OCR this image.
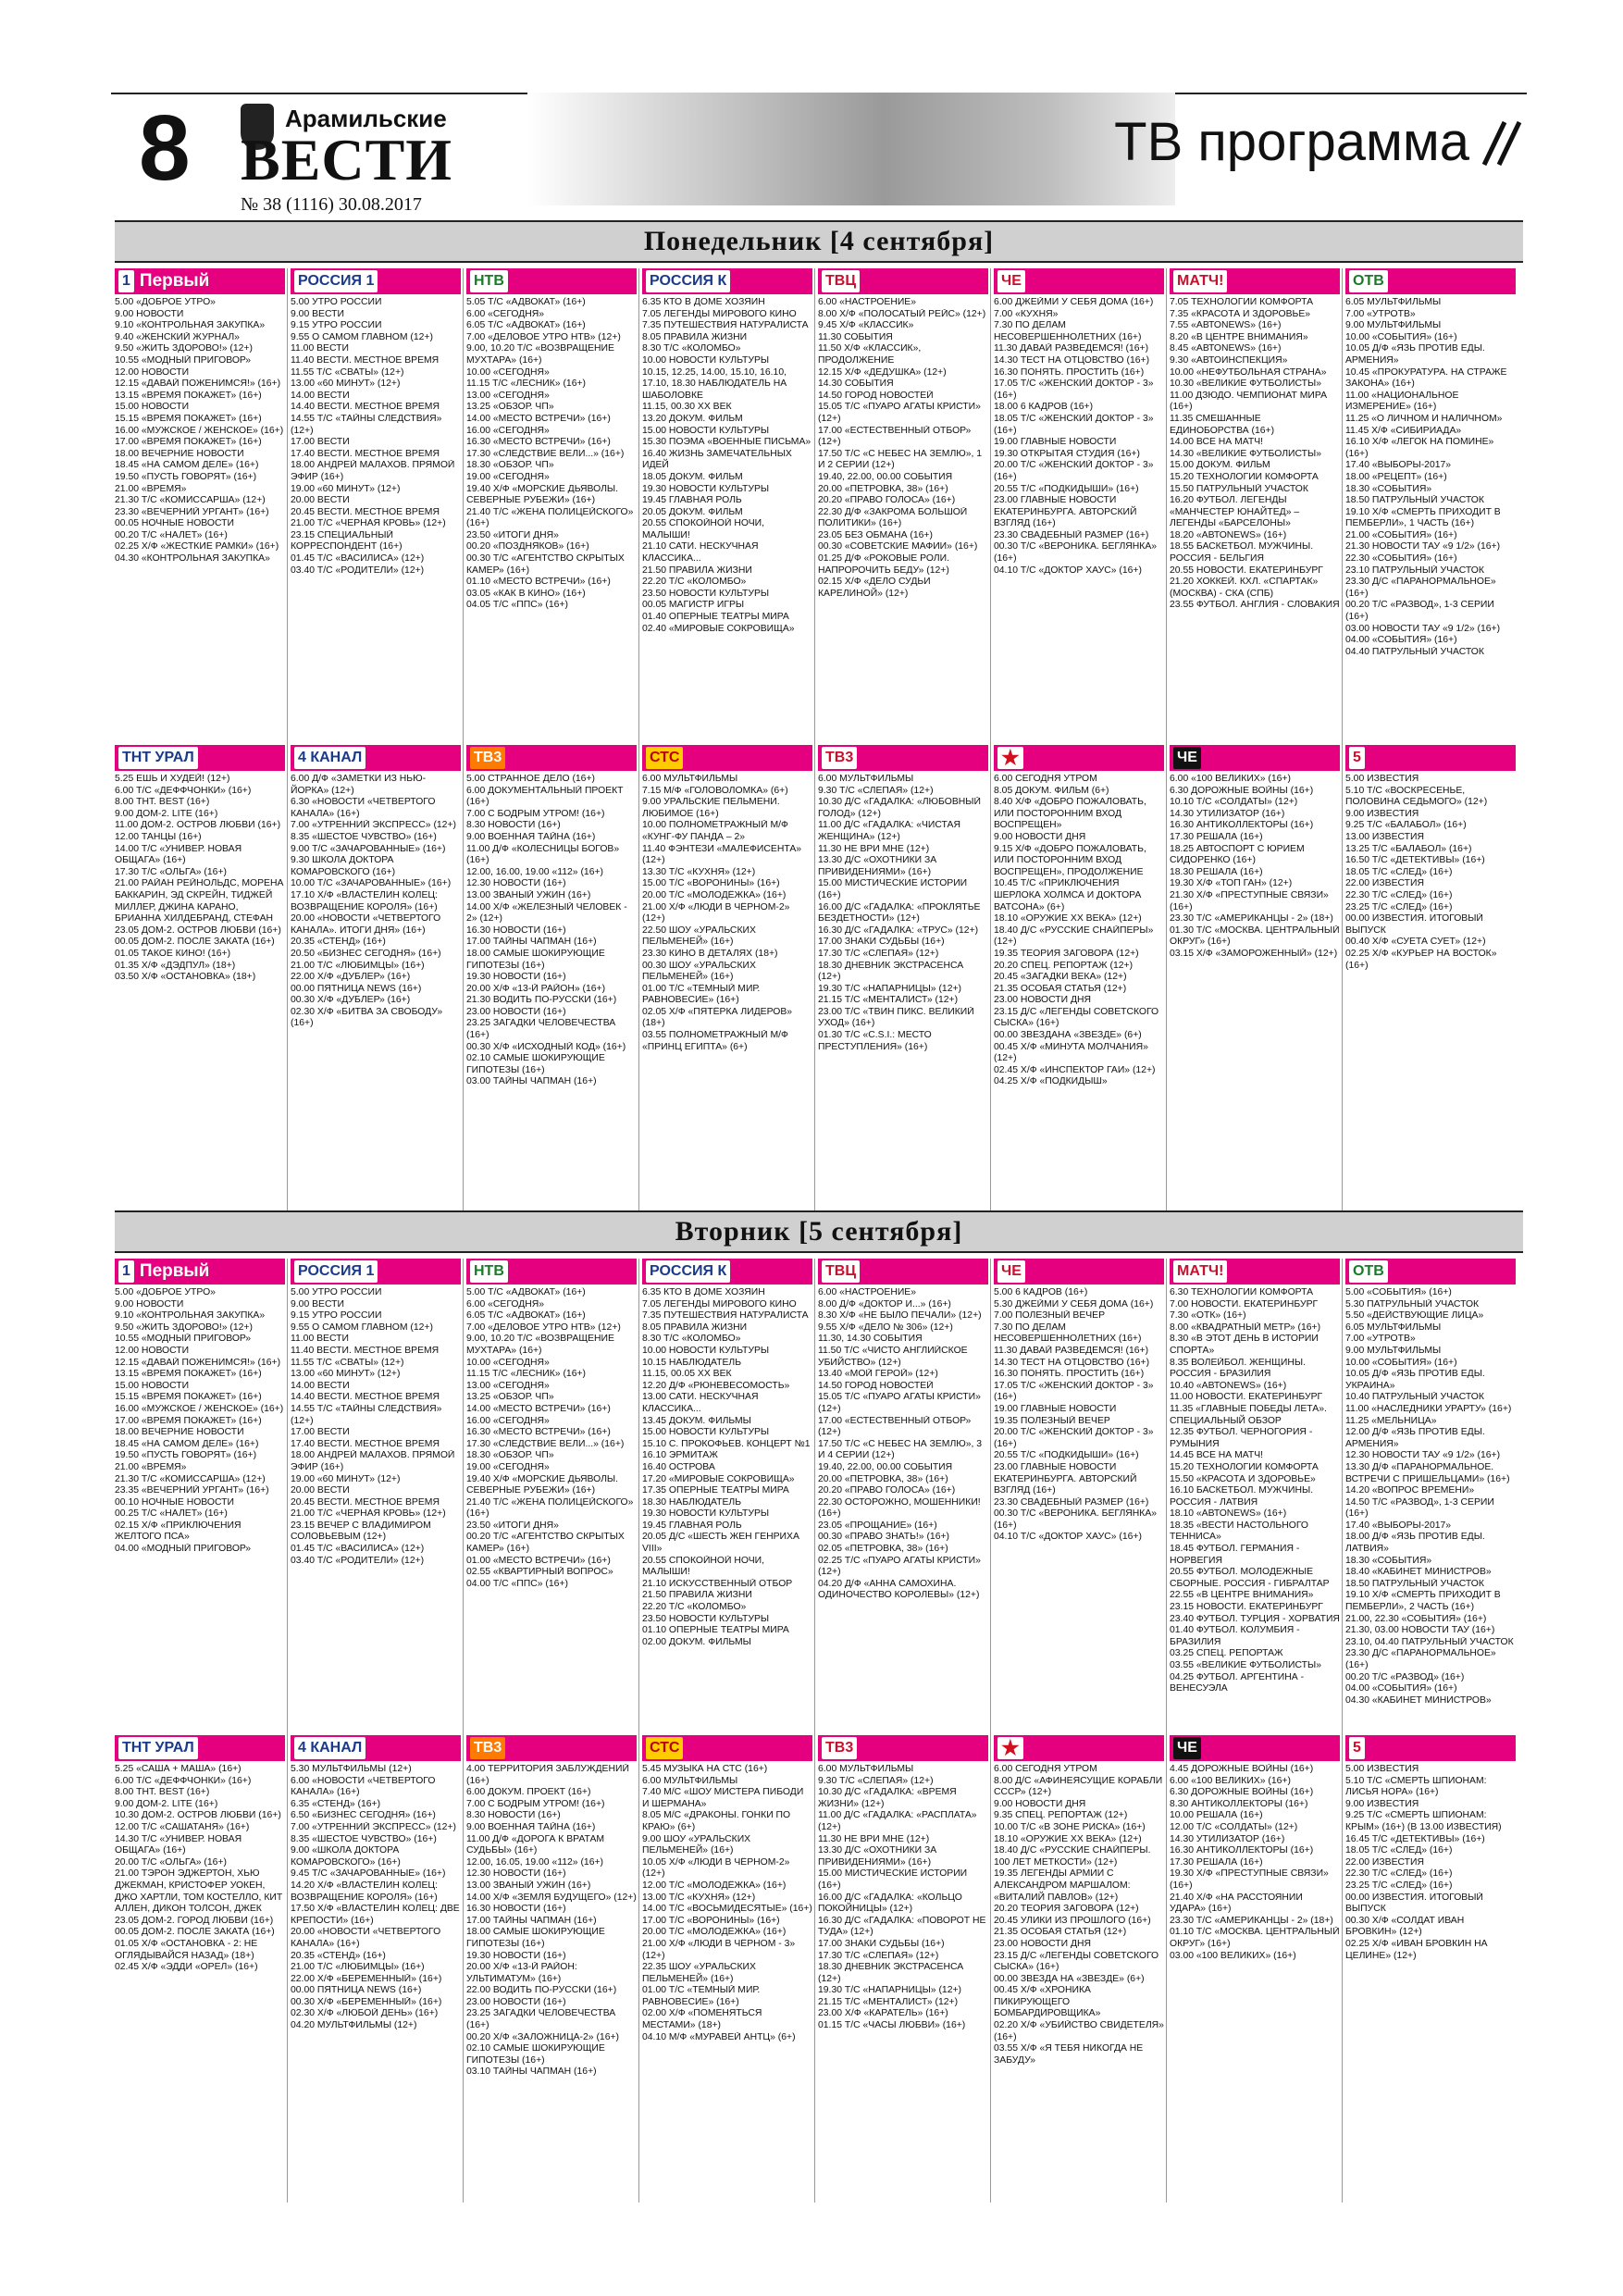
8	Арамильские
ВЕСТИ
№ 38 (1116) 30.08.2017
ТВ программа
Понедельник [4 сентября]
1 Первый
5.00 «ДОБРОЕ УТРО»
9.00 НОВОСТИ
9.10 «КОНТРОЛЬНАЯ ЗАКУПКА»
9.40 «ЖЕНСКИЙ ЖУРНАЛ»
9.50 «ЖИТЬ ЗДОРОВО!» (12+)
10.55 «МОДНЫЙ ПРИГОВОР»
12.00 НОВОСТИ
12.15 «ДАВАЙ ПОЖЕНИМСЯ!» (16+)
13.15 «ВРЕМЯ ПОКАЖЕТ» (16+)
15.00 НОВОСТИ
15.15 «ВРЕМЯ ПОКАЖЕТ» (16+)
16.00 «МУЖСКОЕ / ЖЕНСКОЕ» (16+)
17.00 «ВРЕМЯ ПОКАЖЕТ» (16+)
18.00 ВЕЧЕРНИЕ НОВОСТИ
18.45 «НА САМОМ ДЕЛЕ» (16+)
19.50 «ПУСТЬ ГОВОРЯТ» (16+)
21.00 «ВРЕМЯ»
21.30 Т/С «КОМИССАРША» (12+)
23.30 «ВЕЧЕРНИЙ УРГАНТ» (16+)
00.05 НОЧНЫЕ НОВОСТИ
00.20 Т/С «НАЛЕТ» (16+)
02.25 Х/Ф «ЖЕСТКИЕ РАМКИ» (16+)
04.30 «КОНТРОЛЬНАЯ ЗАКУПКА»
РОССИЯ 1
5.00 УТРО РОССИИ
9.00 ВЕСТИ
9.15 УТРО РОССИИ
9.55 О САМОМ ГЛАВНОМ (12+)
11.00 ВЕСТИ
11.40 ВЕСТИ. МЕСТНОЕ ВРЕМЯ
11.55 Т/С «СВАТЫ» (12+)
13.00 «60 МИНУТ» (12+)
14.00 ВЕСТИ
14.40 ВЕСТИ. МЕСТНОЕ ВРЕМЯ
14.55 Т/С «ТАЙНЫ СЛЕДСТВИЯ» (12+)
17.00 ВЕСТИ
17.40 ВЕСТИ. МЕСТНОЕ ВРЕМЯ
18.00 АНДРЕЙ МАЛАХОВ. ПРЯМОЙ ЭФИР (16+)
19.00 «60 МИНУТ» (12+)
20.00 ВЕСТИ
20.45 ВЕСТИ. МЕСТНОЕ ВРЕМЯ
21.00 Т/С «ЧЕРНАЯ КРОВЬ» (12+)
23.15 СПЕЦИАЛЬНЫЙ КОРРЕСПОНДЕНТ (16+)
01.45 Т/С «ВАСИЛИСА» (12+)
03.40 Т/С «РОДИТЕЛИ» (12+)
НТВ
5.05 Т/С «АДВОКАТ» (16+)
6.00 «СЕГОДНЯ»
6.05 Т/С «АДВОКАТ» (16+)
7.00 «ДЕЛОВОЕ УТРО НТВ» (12+)
9.00, 10.20 Т/С «ВОЗВРАЩЕНИЕ МУХТАРА» (16+)
10.00 «СЕГОДНЯ»
11.15 Т/С «ЛЕСНИК» (16+)
13.00 «СЕГОДНЯ»
13.25 «ОБЗОР. ЧП»
14.00 «МЕСТО ВСТРЕЧИ» (16+)
16.00 «СЕГОДНЯ»
16.30 «МЕСТО ВСТРЕЧИ» (16+)
17.30 «СЛЕДСТВИЕ ВЕЛИ...» (16+)
18.30 «ОБЗОР. ЧП»
19.00 «СЕГОДНЯ»
19.40 Х/Ф «МОРСКИЕ ДЬЯВОЛЫ. СЕВЕРНЫЕ РУБЕЖИ» (16+)
21.40 Т/С «ЖЕНА ПОЛИЦЕЙСКОГО» (16+)
23.50 «ИТОГИ ДНЯ»
00.20 «ПОЗДНЯКОВ» (16+)
00.30 Т/С «АГЕНТСТВО СКРЫТЫХ КАМЕР» (16+)
01.10 «МЕСТО ВСТРЕЧИ» (16+)
03.05 «КАК В КИНО» (16+)
04.05 Т/С «ППС» (16+)
РОССИЯ К
6.35 КТО В ДОМЕ ХОЗЯИН
7.05 ЛЕГЕНДЫ МИРОВОГО КИНО
7.35 ПУТЕШЕСТВИЯ НАТУРАЛИСТА
8.05 ПРАВИЛА ЖИЗНИ
8.30 Т/С «КОЛОМБО»
10.00 НОВОСТИ КУЛЬТУРЫ
10.15, 12.25, 14.00, 15.10, 16.10, 17.10, 18.30 НАБЛЮДАТЕЛЬ НА ШАБОЛОВКЕ
11.15, 00.30 ХХ ВЕК
13.20 ДОКУМ. ФИЛЬМ
15.00 НОВОСТИ КУЛЬТУРЫ
15.30 ПОЭМА «ВОЕННЫЕ ПИСЬМА»
16.40 ЖИЗНЬ ЗАМЕЧАТЕЛЬНЫХ ИДЕЙ
18.05 ДОКУМ. ФИЛЬМ
19.30 НОВОСТИ КУЛЬТУРЫ
19.45 ГЛАВНАЯ РОЛЬ
20.05 ДОКУМ. ФИЛЬМ
20.55 СПОКОЙНОЙ НОЧИ, МАЛЫШИ!
21.10 САТИ. НЕСКУЧНАЯ КЛАССИКА...
21.50 ПРАВИЛА ЖИЗНИ
22.20 Т/С «КОЛОМБО»
23.50 НОВОСТИ КУЛЬТУРЫ
00.05 МАГИСТР ИГРЫ
01.40 ОПЕРНЫЕ ТЕАТРЫ МИРА
02.40 «МИРОВЫЕ СОКРОВИЩА»
ТВЦ
6.00 «НАСТРОЕНИЕ»
8.00 Х/Ф «ПОЛОСАТЫЙ РЕЙС» (12+)
9.45 Х/Ф «КЛАССИК»
11.30 СОБЫТИЯ
11.50 Х/Ф «КЛАССИК», ПРОДОЛЖЕНИЕ
12.15 Х/Ф «ДЕДУШКА» (12+)
14.30 СОБЫТИЯ
14.50 ГОРОД НОВОСТЕЙ
15.05 Т/С «ПУАРО АГАТЫ КРИСТИ» (12+)
17.00 «ЕСТЕСТВЕННЫЙ ОТБОР» (12+)
17.50 Т/С «С НЕБЕС НА ЗЕМЛЮ», 1 И 2 СЕРИИ (12+)
19.40, 22.00, 00.00 СОБЫТИЯ
20.00 «ПЕТРОВКА, 38» (16+)
20.20 «ПРАВО ГОЛОСА» (16+)
22.30 Д/Ф «ЗАКРОМА БОЛЬШОЙ ПОЛИТИКИ» (16+)
23.05 БЕЗ ОБМАНА (16+)
00.30 «СОВЕТСКИЕ МАФИИ» (16+)
01.25 Д/Ф «РОКОВЫЕ РОЛИ. НАПРОРОЧИТЬ БЕДУ» (12+)
02.15 Х/Ф «ДЕЛО СУДЬИ КАРЕЛИНОЙ» (12+)
ЧЕ
6.00 ДЖЕЙМИ У СЕБЯ ДОМА (16+)
7.00 «КУХНЯ»
7.30 ПО ДЕЛАМ НЕСОВЕРШЕННОЛЕТНИХ (16+)
11.30 ДАВАЙ РАЗВЕДЕМСЯ! (16+)
14.30 ТЕСТ НА ОТЦОВСТВО (16+)
16.30 ПОНЯТЬ. ПРОСТИТЬ (16+)
17.05 Т/С «ЖЕНСКИЙ ДОКТОР - 3» (16+)
18.00 6 КАДРОВ (16+)
18.05 Т/С «ЖЕНСКИЙ ДОКТОР - 3» (16+)
19.00 ГЛАВНЫЕ НОВОСТИ
19.30 ОТКРЫТАЯ СТУДИЯ (16+)
20.00 Т/С «ЖЕНСКИЙ ДОКТОР - 3» (16+)
20.55 Т/С «ПОДКИДЫШИ» (16+)
23.00 ГЛАВНЫЕ НОВОСТИ ЕКАТЕРИНБУРГА. АВТОРСКИЙ ВЗГЛЯД (16+)
23.30 СВАДЕБНЫЙ РАЗМЕР (16+)
00.30 Т/С «ВЕРОНИКА. БЕГЛЯНКА» (16+)
04.10 Т/С «ДОКТОР ХАУС» (16+)
МАТЧ!
7.05 ТЕХНОЛОГИИ КОМФОРТА
7.35 «КРАСОТА И ЗДОРОВЬЕ»
7.55 «АВТОNEWS» (16+)
8.20 «В ЦЕНТРЕ ВНИМАНИЯ»
8.45 «АВТОNEWS» (16+)
9.30 «АВТОИНСПЕКЦИЯ»
10.00 «НЕФУТБОЛЬНАЯ СТРАНА»
10.30 «ВЕЛИКИЕ ФУТБОЛИСТЫ»
11.00 ДЗЮДО. ЧЕМПИОНАТ МИРА (16+)
11.35 СМЕШАННЫЕ ЕДИНОБОРСТВА (16+)
14.00 ВСЕ НА МАТЧ!
14.30 «ВЕЛИКИЕ ФУТБОЛИСТЫ»
15.00 ДОКУМ. ФИЛЬМ
15.20 ТЕХНОЛОГИИ КОМФОРТА
15.50 ПАТРУЛЬНЫЙ УЧАСТОК
16.20 ФУТБОЛ. ЛЕГЕНДЫ «МАНЧЕСТЕР ЮНАЙТЕД» – ЛЕГЕНДЫ «БАРСЕЛОНЫ»
18.20 «АВТОNEWS» (16+)
18.55 БАСКЕТБОЛ. МУЖЧИНЫ. РОССИЯ - БЕЛЬГИЯ
20.55 НОВОСТИ. ЕКАТЕРИНБУРГ
21.20 ХОККЕЙ. КХЛ. «СПАРТАК» (МОСКВА) - СКА (СПБ)
23.55 ФУТБОЛ. АНГЛИЯ - СЛОВАКИЯ
ОТВ
6.05 МУЛЬТФИЛЬМЫ
7.00 «УТРОТВ»
9.00 МУЛЬТФИЛЬМЫ
10.00 «СОБЫТИЯ» (16+)
10.05 Д/Ф «ЯЗЬ ПРОТИВ ЕДЫ. АРМЕНИЯ»
10.45 «ПРОКУРАТУРА. НА СТРАЖЕ ЗАКОНА» (16+)
11.00 «НАЦИОНАЛЬНОЕ ИЗМЕРЕНИЕ» (16+)
11.25 «О ЛИЧНОМ И НАЛИЧНОМ»
11.45 Х/Ф «СИБИРИАДА»
16.10 Х/Ф «ЛЕГОК НА ПОМИНЕ» (16+)
17.40 «ВЫБОРЫ-2017»
18.00 «РЕЦЕПТ» (16+)
18.30 «СОБЫТИЯ»
18.50 ПАТРУЛЬНЫЙ УЧАСТОК
19.10 Х/Ф «СМЕРТЬ ПРИХОДИТ В ПЕМБЕРЛИ», 1 ЧАСТЬ (16+)
21.00 «СОБЫТИЯ» (16+)
21.30 НОВОСТИ ТАУ «9 1/2» (16+)
22.30 «СОБЫТИЯ» (16+)
23.10 ПАТРУЛЬНЫЙ УЧАСТОК
23.30 Д/С «ПАРАНОРМАЛЬНОЕ» (16+)
00.20 Т/С «РАЗВОД», 1-3 СЕРИИ (16+)
03.00 НОВОСТИ ТАУ «9 1/2» (16+)
04.00 «СОБЫТИЯ» (16+)
04.40 ПАТРУЛЬНЫЙ УЧАСТОК
ТНТ УРАЛ
5.25 ЕШЬ И ХУДЕЙ! (12+)
6.00 Т/С «ДЕФФЧОНКИ» (16+)
8.00 ТНТ. BEST (16+)
9.00 ДОМ-2. LITE (16+)
11.00 ДОМ-2. ОСТРОВ ЛЮБВИ (16+)
12.00 ТАНЦЫ (16+)
14.00 Т/С «УНИВЕР. НОВАЯ ОБЩАГА» (16+)
17.30 Т/С «ОЛЬГА» (16+)
21.00 РАЙАН РЕЙНОЛЬДС, МОРЕНА БАККАРИН, ЭД СКРЕЙН, ТИДЖЕЙ МИЛЛЕР, ДЖИНА КАРАНО, БРИАННА ХИЛДЕБРАНД, СТЕФАН
23.05 ДОМ-2. ОСТРОВ ЛЮБВИ (16+)
00.05 ДОМ-2. ПОСЛЕ ЗАКАТА (16+)
01.05 ТАКОЕ КИНО! (16+)
01.35 Х/Ф «ДЭДПУЛ» (18+)
03.50 Х/Ф «ОСТАНОВКА» (18+)
4 КАНАЛ
6.00 Д/Ф «ЗАМЕТКИ ИЗ НЬЮ-ЙОРКА» (12+)
6.30 «НОВОСТИ «ЧЕТВЕРТОГО КАНАЛА» (16+)
7.00 «УТРЕННИЙ ЭКСПРЕСС» (12+)
8.35 «ШЕСТОЕ ЧУВСТВО» (16+)
9.00 Т/С «ЗАЧАРОВАННЫЕ» (16+)
9.30 ШКОЛА ДОКТОРА КОМАРОВСКОГО (16+)
10.00 Т/С «ЗАЧАРОВАННЫЕ» (16+)
17.10 Х/Ф «ВЛАСТЕЛИН КОЛЕЦ: ВОЗВРАЩЕНИЕ КОРОЛЯ» (16+)
20.00 «НОВОСТИ «ЧЕТВЕРТОГО КАНАЛА». ИТОГИ ДНЯ» (16+)
20.35 «СТЕНД» (16+)
20.50 «БИЗНЕС СЕГОДНЯ» (16+)
21.00 Т/С «ЛЮБИМЦЫ» (16+)
22.00 Х/Ф «ДУБЛЕР» (16+)
00.00 ПЯТНИЦА NEWS (16+)
00.30 Х/Ф «ДУБЛЕР» (16+)
02.30 Х/Ф «БИТВА ЗА СВОБОДУ» (16+)
ТВ3
5.00 СТРАННОЕ ДЕЛО (16+)
6.00 ДОКУМЕНТАЛЬНЫЙ ПРОЕКТ (16+)
7.00 С БОДРЫМ УТРОМ! (16+)
8.30 НОВОСТИ (16+)
9.00 ВОЕННАЯ ТАЙНА (16+)
11.00 Д/Ф «КОЛЕСНИЦЫ БОГОВ» (16+)
12.00, 16.00, 19.00 «112» (16+)
12.30 НОВОСТИ (16+)
13.00 ЗВАНЫЙ УЖИН (16+)
14.00 Х/Ф «ЖЕЛЕЗНЫЙ ЧЕЛОВЕК - 2» (12+)
16.30 НОВОСТИ (16+)
17.00 ТАЙНЫ ЧАПМАН (16+)
18.00 САМЫЕ ШОКИРУЮЩИЕ ГИПОТЕЗЫ (16+)
19.30 НОВОСТИ (16+)
20.00 Х/Ф «13-Й РАЙОН» (16+)
21.30 ВОДИТЬ ПО-РУССКИ (16+)
23.00 НОВОСТИ (16+)
23.25 ЗАГАДКИ ЧЕЛОВЕЧЕСТВА (16+)
00.30 Х/Ф «ИСХОДНЫЙ КОД» (16+)
02.10 САМЫЕ ШОКИРУЮЩИЕ ГИПОТЕЗЫ (16+)
03.00 ТАЙНЫ ЧАПМАН (16+)
СТС
6.00 МУЛЬТФИЛЬМЫ
7.15 М/Ф «ГОЛОВОЛОМКА» (6+)
9.00 УРАЛЬСКИЕ ПЕЛЬМЕНИ. ЛЮБИМОЕ (16+)
10.00 ПОЛНОМЕТРАЖНЫЙ М/Ф «КУНГ-ФУ ПАНДА – 2»
11.40 ФЭНТЕЗИ «МАЛЕФИСЕНТА» (12+)
13.30 Т/С «КУХНЯ» (12+)
15.00 Т/С «ВОРОНИНЫ» (16+)
20.00 Т/С «МОЛОДЁЖКА» (16+)
21.00 Х/Ф «ЛЮДИ В ЧЁРНОМ-2» (12+)
22.50 ШОУ «УРАЛЬСКИХ ПЕЛЬМЕНЕЙ» (16+)
23.30 КИНО В ДЕТАЛЯХ (18+)
00.30 ШОУ «УРАЛЬСКИХ ПЕЛЬМЕНЕЙ» (16+)
01.00 Т/С «ТЁМНЫЙ МИР. РАВНОВЕСИЕ» (16+)
02.05 Х/Ф «ПЯТЁРКА ЛИДЕРОВ» (18+)
03.55 ПОЛНОМЕТРАЖНЫЙ М/Ф «ПРИНЦ ЕГИПТА» (6+)
ТВ3
6.00 МУЛЬТФИЛЬМЫ
9.30 Т/С «СЛЕПАЯ» (12+)
10.30 Д/С «ГАДАЛКА: «ЛЮБОВНЫЙ ГОЛОД» (12+)
11.00 Д/С «ГАДАЛКА: «ЧИСТАЯ ЖЕНЩИНА» (12+)
11.30 НЕ ВРИ МНЕ (12+)
13.30 Д/С «ОХОТНИКИ ЗА ПРИВИДЕНИЯМИ» (16+)
15.00 МИСТИЧЕСКИЕ ИСТОРИИ (16+)
16.00 Д/С «ГАДАЛКА: «ПРОКЛЯТЬЕ БЕЗДЕТНОСТИ» (12+)
16.30 Д/С «ГАДАЛКА: «ТРУС» (12+)
17.00 ЗНАКИ СУДЬБЫ (16+)
17.30 Т/С «СЛЕПАЯ» (12+)
18.30 ДНЕВНИК ЭКСТРАСЕНСА (12+)
19.30 Т/С «НАПАРНИЦЫ» (12+)
21.15 Т/С «МЕНТАЛИСТ» (12+)
23.00 Т/С «ТВИН ПИКС. ВЕЛИКИЙ УХОД» (16+)
01.30 Т/С «C.S.I.: МЕСТО ПРЕСТУПЛЕНИЯ» (16+)
★
6.00 СЕГОДНЯ УТРОМ
8.05 ДОКУМ. ФИЛЬМ (6+)
8.40 Х/Ф «ДОБРО ПОЖАЛОВАТЬ, ИЛИ ПОСТОРОННИМ ВХОД ВОСПРЕЩЕН»
9.00 НОВОСТИ ДНЯ
9.15 Х/Ф «ДОБРО ПОЖАЛОВАТЬ, ИЛИ ПОСТОРОННИМ ВХОД ВОСПРЕЩЕН», ПРОДОЛЖЕНИЕ
10.45 Т/С «ПРИКЛЮЧЕНИЯ ШЕРЛОКА ХОЛМСА И ДОКТОРА ВАТСОНА» (6+)
18.10 «ОРУЖИЕ XX ВЕКА» (12+)
18.40 Д/С «РУССКИЕ СНАЙПЕРЫ» (12+)
19.35 ТЕОРИЯ ЗАГОВОРА (12+)
20.20 СПЕЦ. РЕПОРТАЖ (12+)
20.45 «ЗАГАДКИ ВЕКА» (12+)
21.35 ОСОБАЯ СТАТЬЯ (12+)
23.00 НОВОСТИ ДНЯ
23.15 Д/С «ЛЕГЕНДЫ СОВЕТСКОГО СЫСКА» (16+)
00.00 ЗВЕЗДАНА «ЗВЕЗДЕ» (6+)
00.45 Х/Ф «МИНУТА МОЛЧАНИЯ» (12+)
02.45 Х/Ф «ИНСПЕКТОР ГАИ» (12+)
04.25 Х/Ф «ПОДКИДЫШ»
ЧЕ
6.00 «100 ВЕЛИКИХ» (16+)
6.30 ДОРОЖНЫЕ ВОЙНЫ (16+)
10.10 Т/С «СОЛДАТЫ» (12+)
14.30 УТИЛИЗАТОР (16+)
16.30 АНТИКОЛЛЕКТОРЫ (16+)
17.30 РЕШАЛА (16+)
18.25 АВТОСПОРТ С ЮРИЕМ СИДОРЕНКО (16+)
18.30 РЕШАЛА (16+)
19.30 Х/Ф «ТОП ГАН» (12+)
21.30 Х/Ф «ПРЕСТУПНЫЕ СВЯЗИ» (16+)
23.30 Т/С «АМЕРИКАНЦЫ - 2» (18+)
01.30 Т/С «МОСКВА. ЦЕНТРАЛЬНЫЙ ОКРУГ» (16+)
03.15 Х/Ф «ЗАМОРОЖЕННЫЙ» (12+)
5
5.00 ИЗВЕСТИЯ
5.10 Т/С «ВОСКРЕСЕНЬЕ, ПОЛОВИНА СЕДЬМОГО» (12+)
9.00 ИЗВЕСТИЯ
9.25 Т/С «БАЛАБОЛ» (16+)
13.00 ИЗВЕСТИЯ
13.25 Т/С «БАЛАБОЛ» (16+)
16.50 Т/С «ДЕТЕКТИВЫ» (16+)
18.05 Т/С «СЛЕД» (16+)
22.00 ИЗВЕСТИЯ
22.30 Т/С «СЛЕД» (16+)
23.25 Т/С «СЛЕД» (16+)
00.00 ИЗВЕСТИЯ. ИТОГОВЫЙ ВЫПУСК
00.40 Х/Ф «СУЕТА СУЕТ» (12+)
02.25 Х/Ф «КУРЬЕР НА ВОСТОК» (16+)
Вторник [5 сентября]
1 Первый
5.00 «ДОБРОЕ УТРО»
9.00 НОВОСТИ
9.10 «КОНТРОЛЬНАЯ ЗАКУПКА»
9.50 «ЖИТЬ ЗДОРОВО!» (12+)
10.55 «МОДНЫЙ ПРИГОВОР»
12.00 НОВОСТИ
12.15 «ДАВАЙ ПОЖЕНИМСЯ!» (16+)
13.15 «ВРЕМЯ ПОКАЖЕТ» (16+)
15.00 НОВОСТИ
15.15 «ВРЕМЯ ПОКАЖЕТ» (16+)
16.00 «МУЖСКОЕ / ЖЕНСКОЕ» (16+)
17.00 «ВРЕМЯ ПОКАЖЕТ» (16+)
18.00 ВЕЧЕРНИЕ НОВОСТИ
18.45 «НА САМОМ ДЕЛЕ» (16+)
19.50 «ПУСТЬ ГОВОРЯТ» (16+)
21.00 «ВРЕМЯ»
21.30 Т/С «КОМИССАРША» (12+)
23.35 «ВЕЧЕРНИЙ УРГАНТ» (16+)
00.10 НОЧНЫЕ НОВОСТИ
00.25 Т/С «НАЛЕТ» (16+)
02.15 Х/Ф «ПРИКЛЮЧЕНИЯ ЖЕЛТОГО ПСА»
04.00 «МОДНЫЙ ПРИГОВОР»
РОССИЯ 1
5.00 УТРО РОССИИ
9.00 ВЕСТИ
9.15 УТРО РОССИИ
9.55 О САМОМ ГЛАВНОМ (12+)
11.00 ВЕСТИ
11.40 ВЕСТИ. МЕСТНОЕ ВРЕМЯ
11.55 Т/С «СВАТЫ» (12+)
13.00 «60 МИНУТ» (12+)
14.00 ВЕСТИ
14.40 ВЕСТИ. МЕСТНОЕ ВРЕМЯ
14.55 Т/С «ТАЙНЫ СЛЕДСТВИЯ» (12+)
17.00 ВЕСТИ
17.40 ВЕСТИ. МЕСТНОЕ ВРЕМЯ
18.00 АНДРЕЙ МАЛАХОВ. ПРЯМОЙ ЭФИР (16+)
19.00 «60 МИНУТ» (12+)
20.00 ВЕСТИ
20.45 ВЕСТИ. МЕСТНОЕ ВРЕМЯ
21.00 Т/С «ЧЕРНАЯ КРОВЬ» (12+)
23.15 ВЕЧЕР С ВЛАДИМИРОМ СОЛОВЬЕВЫМ (12+)
01.45 Т/С «ВАСИЛИСА» (12+)
03.40 Т/С «РОДИТЕЛИ» (12+)
НТВ
5.00 Т/С «АДВОКАТ» (16+)
6.00 «СЕГОДНЯ»
6.05 Т/С «АДВОКАТ» (16+)
7.00 «ДЕЛОВОЕ УТРО НТВ» (12+)
9.00, 10.20 Т/С «ВОЗВРАЩЕНИЕ МУХТАРА» (16+)
10.00 «СЕГОДНЯ»
11.15 Т/С «ЛЕСНИК» (16+)
13.00 «СЕГОДНЯ»
13.25 «ОБЗОР. ЧП»
14.00 «МЕСТО ВСТРЕЧИ» (16+)
16.00 «СЕГОДНЯ»
16.30 «МЕСТО ВСТРЕЧИ» (16+)
17.30 «СЛЕДСТВИЕ ВЕЛИ...» (16+)
18.30 «ОБЗОР. ЧП»
19.00 «СЕГОДНЯ»
19.40 Х/Ф «МОРСКИЕ ДЬЯВОЛЫ. СЕВЕРНЫЕ РУБЕЖИ» (16+)
21.40 Т/С «ЖЕНА ПОЛИЦЕЙСКОГО» (16+)
23.50 «ИТОГИ ДНЯ»
00.20 Т/С «АГЕНТСТВО СКРЫТЫХ КАМЕР» (16+)
01.00 «МЕСТО ВСТРЕЧИ» (16+)
02.55 «КВАРТИРНЫЙ ВОПРОС»
04.00 Т/С «ППС» (16+)
РОССИЯ К
6.35 КТО В ДОМЕ ХОЗЯИН
7.05 ЛЕГЕНДЫ МИРОВОГО КИНО
7.35 ПУТЕШЕСТВИЯ НАТУРАЛИСТА
8.05 ПРАВИЛА ЖИЗНИ
8.30 Т/С «КОЛОМБО»
10.00 НОВОСТИ КУЛЬТУРЫ
10.15 НАБЛЮДАТЕЛЬ
11.15, 00.05 ХХ ВЕК
12.20 Д/Ф «РЮНЕВЕСОМОСТЬ»
13.00 САТИ. НЕСКУЧНАЯ КЛАССИКА...
13.45 ДОКУМ. ФИЛЬМЫ
15.00 НОВОСТИ КУЛЬТУРЫ
15.10 С. ПРОКОФЬЕВ. КОНЦЕРТ №1
16.10 ЭРМИТАЖ
16.40 ОСТРОВА
17.20 «МИРОВЫЕ СОКРОВИЩА»
17.35 ОПЕРНЫЕ ТЕАТРЫ МИРА
18.30 НАБЛЮДАТЕЛЬ
19.30 НОВОСТИ КУЛЬТУРЫ
19.45 ГЛАВНАЯ РОЛЬ
20.05 Д/С «ШЕСТЬ ЖЕН ГЕНРИХА VIII»
20.55 СПОКОЙНОЙ НОЧИ, МАЛЫШИ!
21.10 ИСКУССТВЕННЫЙ ОТБОР
21.50 ПРАВИЛА ЖИЗНИ
22.20 Т/С «КОЛОМБО»
23.50 НОВОСТИ КУЛЬТУРЫ
01.10 ОПЕРНЫЕ ТЕАТРЫ МИРА
02.00 ДОКУМ. ФИЛЬМЫ
ТВЦ
6.00 «НАСТРОЕНИЕ»
8.00 Д/Ф «ДОКТОР И...» (16+)
8.30 Х/Ф «НЕ БЫЛО ПЕЧАЛИ» (12+)
9.55 Х/Ф «ДЕЛО № 306» (12+)
11.30, 14.30 СОБЫТИЯ
11.50 Т/С «ЧИСТО АНГЛИЙСКОЕ УБИЙСТВО» (12+)
13.40 «МОЙ ГЕРОЙ» (12+)
14.50 ГОРОД НОВОСТЕЙ
15.05 Т/С «ПУАРО АГАТЫ КРИСТИ» (12+)
17.00 «ЕСТЕСТВЕННЫЙ ОТБОР» (12+)
17.50 Т/С «С НЕБЕС НА ЗЕМЛЮ», 3 И 4 СЕРИИ (12+)
19.40, 22.00, 00.00 СОБЫТИЯ
20.00 «ПЕТРОВКА, 38» (16+)
20.20 «ПРАВО ГОЛОСА» (16+)
22.30 ОСТОРОЖНО, МОШЕННИКИ! (16+)
23.05 «ПРОЩАНИЕ» (16+)
00.30 «ПРАВО ЗНАТЬ!» (16+)
02.05 «ПЕТРОВКА, 38» (16+)
02.25 Т/С «ПУАРО АГАТЫ КРИСТИ» (12+)
04.20 Д/Ф «АННА САМОХИНА. ОДИНОЧЕСТВО КОРОЛЕВЫ» (12+)
ЧЕ
5.00 6 КАДРОВ (16+)
5.30 ДЖЕЙМИ У СЕБЯ ДОМА (16+)
7.00 ПОЛЕЗНЫЙ ВЕЧЕР
7.30 ПО ДЕЛАМ НЕСОВЕРШЕННОЛЕТНИХ (16+)
11.30 ДАВАЙ РАЗВЕДЕМСЯ! (16+)
14.30 ТЕСТ НА ОТЦОВСТВО (16+)
16.30 ПОНЯТЬ. ПРОСТИТЬ (16+)
17.05 Т/С «ЖЕНСКИЙ ДОКТОР - 3» (16+)
19.00 ГЛАВНЫЕ НОВОСТИ
19.35 ПОЛЕЗНЫЙ ВЕЧЕР
20.00 Т/С «ЖЕНСКИЙ ДОКТОР - 3» (16+)
20.55 Т/С «ПОДКИДЫШИ» (16+)
23.00 ГЛАВНЫЕ НОВОСТИ ЕКАТЕРИНБУРГА. АВТОРСКИЙ ВЗГЛЯД (16+)
23.30 СВАДЕБНЫЙ РАЗМЕР (16+)
00.30 Т/С «ВЕРОНИКА. БЕГЛЯНКА» (16+)
04.10 Т/С «ДОКТОР ХАУС» (16+)
МАТЧ!
6.30 ТЕХНОЛОГИИ КОМФОРТА
7.00 НОВОСТИ. ЕКАТЕРИНБУРГ
7.30 «ОТК» (16+)
8.00 «КВАДРАТНЫЙ МЕТР» (16+)
8.30 «В ЭТОТ ДЕНЬ В ИСТОРИИ СПОРТА»
8.35 ВОЛЕЙБОЛ. ЖЕНЩИНЫ. РОССИЯ - БРАЗИЛИЯ
10.40 «АВТОNEWS» (16+)
11.00 НОВОСТИ. ЕКАТЕРИНБУРГ
11.35 «ГЛАВНЫЕ ПОБЕДЫ ЛЕТА». СПЕЦИАЛЬНЫЙ ОБЗОР
12.35 ФУТБОЛ. ЧЕРНОГОРИЯ - РУМЫНИЯ
14.45 ВСЕ НА МАТЧ!
15.20 ТЕХНОЛОГИИ КОМФОРТА
15.50 «КРАСОТА И ЗДОРОВЬЕ»
16.10 БАСКЕТБОЛ. МУЖЧИНЫ. РОССИЯ - ЛАТВИЯ
18.10 «АВТОNEWS» (16+)
18.35 «ВЕСТИ НАСТОЛЬНОГО ТЕННИСА»
18.45 ФУТБОЛ. ГЕРМАНИЯ - НОРВЕГИЯ
20.55 ФУТБОЛ. МОЛОДЕЖНЫЕ СБОРНЫЕ. РОССИЯ - ГИБРАЛТАР
22.55 «В ЦЕНТРЕ ВНИМАНИЯ»
23.15 НОВОСТИ. ЕКАТЕРИНБУРГ
23.40 ФУТБОЛ. ТУРЦИЯ - ХОРВАТИЯ
01.40 ФУТБОЛ. КОЛУМБИЯ - БРАЗИЛИЯ
03.25 СПЕЦ. РЕПОРТАЖ
03.55 «ВЕЛИКИЕ ФУТБОЛИСТЫ»
04.25 ФУТБОЛ. АРГЕНТИНА - ВЕНЕСУЭЛА
ОТВ
5.00 «СОБЫТИЯ» (16+)
5.30 ПАТРУЛЬНЫЙ УЧАСТОК
5.50 «ДЕЙСТВУЮЩИЕ ЛИЦА»
6.05 МУЛЬТФИЛЬМЫ
7.00 «УТРОТВ»
9.00 МУЛЬТФИЛЬМЫ
10.00 «СОБЫТИЯ» (16+)
10.05 Д/Ф «ЯЗЬ ПРОТИВ ЕДЫ. УКРАИНА»
10.40 ПАТРУЛЬНЫЙ УЧАСТОК
11.00 «НАСЛЕДНИКИ УРАРТУ» (16+)
11.25 «МЕЛЬНИЦА»
12.00 Д/Ф «ЯЗЬ ПРОТИВ ЕДЫ. АРМЕНИЯ»
12.30 НОВОСТИ ТАУ «9 1/2» (16+)
13.30 Д/Ф «ПАРАНОРМАЛЬНОЕ. ВСТРЕЧИ С ПРИШЕЛЬЦАМИ» (16+)
14.20 «ВОПРОС ВРЕМЕНИ»
14.50 Т/С «РАЗВОД», 1-3 СЕРИИ (16+)
17.40 «ВЫБОРЫ-2017»
18.00 Д/Ф «ЯЗЬ ПРОТИВ ЕДЫ. ЛАТВИЯ»
18.30 «СОБЫТИЯ»
18.40 «КАБИНЕТ МИНИСТРОВ»
18.50 ПАТРУЛЬНЫЙ УЧАСТОК
19.10 Х/Ф «СМЕРТЬ ПРИХОДИТ В ПЕМБЕРЛИ», 2 ЧАСТЬ (16+)
21.00, 22.30 «СОБЫТИЯ» (16+)
21.30, 03.00 НОВОСТИ ТАУ (16+)
23.10, 04.40 ПАТРУЛЬНЫЙ УЧАСТОК
23.30 Д/С «ПАРАНОРМАЛЬНОЕ» (16+)
00.20 Т/С «РАЗВОД» (16+)
04.00 «СОБЫТИЯ» (16+)
04.30 «КАБИНЕТ МИНИСТРОВ»
ТНТ УРАЛ
5.25 «САША + МАША» (16+)
6.00 Т/С «ДЕФФЧОНКИ» (16+)
8.00 ТНТ. BEST (16+)
9.00 ДОМ-2. LITE (16+)
10.30 ДОМ-2. ОСТРОВ ЛЮБВИ (16+)
12.00 Т/С «САШАТАНЯ» (16+)
14.30 Т/С «УНИВЕР. НОВАЯ ОБЩАГА» (16+)
20.00 Т/С «ОЛЬГА» (16+)
21.00 ТЭРОН ЭДЖЕРТОН, ХЬЮ ДЖЕКМАН, КРИСТОФЕР УОКЕН, ДЖО ХАРТЛИ, ТОМ КОСТЕЛЛО, КИТ АЛЛЕН, ДИКОН ТОЛСОН, ДЖЕК
23.05 ДОМ-2. ГОРОД ЛЮБВИ (16+)
00.05 ДОМ-2. ПОСЛЕ ЗАКАТА (16+)
01.05 Х/Ф «ОСТАНОВКА - 2: НЕ ОГЛЯДЫВАЙСЯ НАЗАД» (18+)
02.45 Х/Ф «ЭДДИ «ОРЕЛ» (16+)
4 КАНАЛ
5.30 МУЛЬТФИЛЬМЫ (12+)
6.00 «НОВОСТИ «ЧЕТВЕРТОГО КАНАЛА» (16+)
6.35 «СТЕНД» (16+)
6.50 «БИЗНЕС СЕГОДНЯ» (16+)
7.00 «УТРЕННИЙ ЭКСПРЕСС» (12+)
8.35 «ШЕСТОЕ ЧУВСТВО» (16+)
9.00 «ШКОЛА ДОКТОРА КОМАРОВСКОГО» (16+)
9.45 Т/С «ЗАЧАРОВАННЫЕ» (16+)
14.20 Х/Ф «ВЛАСТЕЛИН КОЛЕЦ: ВОЗВРАЩЕНИЕ КОРОЛЯ» (16+)
17.50 Х/Ф «ВЛАСТЕЛИН КОЛЕЦ: ДВЕ КРЕПОСТИ» (16+)
20.00 «НОВОСТИ «ЧЕТВЕРТОГО КАНАЛА» (16+)
20.35 «СТЕНД» (16+)
21.00 Т/С «ЛЮБИМЦЫ» (16+)
22.00 Х/Ф «БЕРЕМЕННЫЙ» (16+)
00.00 ПЯТНИЦА NEWS (16+)
00.30 Х/Ф «БЕРЕМЕННЫЙ» (16+)
02.30 Х/Ф «ЛЮБОЙ ДЕНЬ» (16+)
04.20 МУЛЬТФИЛЬМЫ (12+)
ТВ3
4.00 ТЕРРИТОРИЯ ЗАБЛУЖДЕНИЙ (16+)
6.00 ДОКУМ. ПРОЕКТ (16+)
7.00 С БОДРЫМ УТРОМ! (16+)
8.30 НОВОСТИ (16+)
9.00 ВОЕННАЯ ТАЙНА (16+)
11.00 Д/Ф «ДОРОГА К ВРАТАМ СУДЬБЫ» (16+)
12.00, 16.05, 19.00 «112» (16+)
12.30 НОВОСТИ (16+)
13.00 ЗВАНЫЙ УЖИН (16+)
14.00 Х/Ф «ЗЕМЛЯ БУДУЩЕГО» (12+)
16.30 НОВОСТИ (16+)
17.00 ТАЙНЫ ЧАПМАН (16+)
18.00 САМЫЕ ШОКИРУЮЩИЕ ГИПОТЕЗЫ (16+)
19.30 НОВОСТИ (16+)
20.00 Х/Ф «13-Й РАЙОН: УЛЬТИМАТУМ» (16+)
22.00 ВОДИТЬ ПО-РУССКИ (16+)
23.00 НОВОСТИ (16+)
23.25 ЗАГАДКИ ЧЕЛОВЕЧЕСТВА (16+)
00.20 Х/Ф «ЗАЛОЖНИЦА-2» (16+)
02.10 САМЫЕ ШОКИРУЮЩИЕ ГИПОТЕЗЫ (16+)
03.10 ТАЙНЫ ЧАПМАН (16+)
СТС
5.45 МУЗЫКА НА СТС (16+)
6.00 МУЛЬТФИЛЬМЫ
7.40 М/С «ШОУ МИСТЕРА ПИБОДИ И ШЕРМАНА»
8.05 М/С «ДРАКОНЫ. ГОНКИ ПО КРАЮ» (6+)
9.00 ШОУ «УРАЛЬСКИХ ПЕЛЬМЕНЕЙ» (16+)
10.05 Х/Ф «ЛЮДИ В ЧЁРНОМ-2» (12+)
12.00 Т/С «МОЛОДЁЖКА» (16+)
13.00 Т/С «КУХНЯ» (12+)
14.00 Т/С «ВОСЬМИДЕСЯТЫЕ» (16+)
17.00 Т/С «ВОРОНИНЫ» (16+)
20.00 Т/С «МОЛОДЁЖКА» (16+)
21.00 Х/Ф «ЛЮДИ В ЧЁРНОМ - 3» (12+)
22.35 ШОУ «УРАЛЬСКИХ ПЕЛЬМЕНЕЙ» (16+)
01.00 Т/С «ТЁМНЫЙ МИР. РАВНОВЕСИЕ» (16+)
02.00 Х/Ф «ПОМЕНЯТЬСЯ МЕСТАМИ» (18+)
04.10 М/Ф «МУРАВЕЙ АНТЦ» (6+)
ТВ3
6.00 МУЛЬТФИЛЬМЫ
9.30 Т/С «СЛЕПАЯ» (12+)
10.30 Д/С «ГАДАЛКА: «ВРЕМЯ ЖИЗНИ» (12+)
11.00 Д/С «ГАДАЛКА: «РАСПЛАТА» (12+)
11.30 НЕ ВРИ МНЕ (12+)
13.30 Д/С «ОХОТНИКИ ЗА ПРИВИДЕНИЯМИ» (16+)
15.00 МИСТИЧЕСКИЕ ИСТОРИИ (16+)
16.00 Д/С «ГАДАЛКА: «КОЛЬЦО ПОКОЙНИЦЫ» (12+)
16.30 Д/С «ГАДАЛКА: «ПОВОРОТ НЕ ТУДА» (12+)
17.00 ЗНАКИ СУДЬБЫ (16+)
17.30 Т/С «СЛЕПАЯ» (12+)
18.30 ДНЕВНИК ЭКСТРАСЕНСА (12+)
19.30 Т/С «НАПАРНИЦЫ» (12+)
21.15 Т/С «МЕНТАЛИСТ» (12+)
23.00 Х/Ф «КАРАТЕЛЬ» (16+)
01.15 Т/С «ЧАСЫ ЛЮБВИ» (16+)
★
6.00 СЕГОДНЯ УТРОМ
8.00 Д/С «АФИНЕЯСУЩИЕ КОРАБЛИ СССР» (12+)
9.00 НОВОСТИ ДНЯ
9.35 СПЕЦ. РЕПОРТАЖ (12+)
10.00 Т/С «В ЗОНЕ РИСКА» (16+)
18.10 «ОРУЖИЕ XX ВЕКА» (12+)
18.40 Д/С «РУССКИЕ СНАЙПЕРЫ. 100 ЛЕТ МЕТКОСТИ» (12+)
19.35 ЛЕГЕНДЫ АРМИИ С АЛЕКСАНДРОМ МАРШАЛОМ: «ВИТАЛИЙ ПАВЛОВ» (12+)
20.20 ТЕОРИЯ ЗАГОВОРА (12+)
20.45 УЛИКИ ИЗ ПРОШЛОГО (16+)
21.35 ОСОБАЯ СТАТЬЯ (12+)
23.00 НОВОСТИ ДНЯ
23.15 Д/С «ЛЕГЕНДЫ СОВЕТСКОГО СЫСКА» (16+)
00.00 ЗВЕЗДА НА «ЗВЕЗДЕ» (6+)
00.45 Х/Ф «ХРОНИКА ПИКИРУЮЩЕГО БОМБАРДИРОВЩИКА»
02.20 Х/Ф «УБИЙСТВО СВИДЕТЕЛЯ» (16+)
03.55 Х/Ф «Я ТЕБЯ НИКОГДА НЕ ЗАБУДУ»
ЧЕ
4.45 ДОРОЖНЫЕ ВОЙНЫ (16+)
6.00 «100 ВЕЛИКИХ» (16+)
6.30 ДОРОЖНЫЕ ВОЙНЫ (16+)
8.30 АНТИКОЛЛЕКТОРЫ (16+)
10.00 РЕШАЛА (16+)
12.00 Т/С «СОЛДАТЫ» (12+)
14.30 УТИЛИЗАТОР (16+)
16.30 АНТИКОЛЛЕКТОРЫ (16+)
17.30 РЕШАЛА (16+)
19.30 Х/Ф «ПРЕСТУПНЫЕ СВЯЗИ» (16+)
21.40 Х/Ф «НА РАССТОЯНИИ УДАРА» (16+)
23.30 Т/С «АМЕРИКАНЦЫ - 2» (18+)
01.10 Т/С «МОСКВА. ЦЕНТРАЛЬНЫЙ ОКРУГ» (16+)
03.00 «100 ВЕЛИКИХ» (16+)
5
5.00 ИЗВЕСТИЯ
5.10 Т/С «СМЕРТЬ ШПИОНАМ: ЛИСЬЯ НОРА» (16+)
9.00 ИЗВЕСТИЯ
9.25 Т/С «СМЕРТЬ ШПИОНАМ: КРЫМ» (16+) (В 13.00 ИЗВЕСТИЯ)
16.45 Т/С «ДЕТЕКТИВЫ» (16+)
18.05 Т/С «СЛЕД» (16+)
22.00 ИЗВЕСТИЯ
22.30 Т/С «СЛЕД» (16+)
23.25 Т/С «СЛЕД» (16+)
00.00 ИЗВЕСТИЯ. ИТОГОВЫЙ ВЫПУСК
00.30 Х/Ф «СОЛДАТ ИВАН БРОВКИН» (12+)
02.25 Х/Ф «ИВАН БРОВКИН НА ЦЕЛИНЕ» (12+)
